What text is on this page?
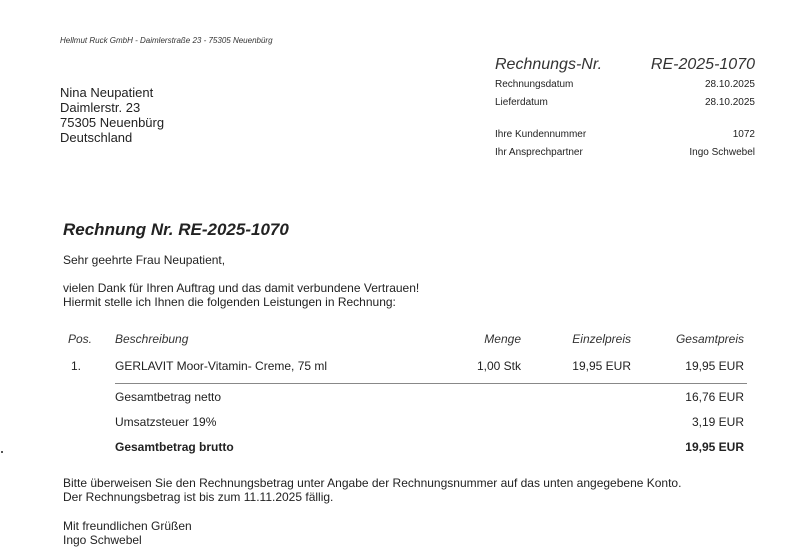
Hellmut Ruck GmbH - Daimlerstraße 23 - 75305 Neuenbürg
Nina Neupatient
Daimlerstr. 23
75305 Neuenbürg
Deutschland
Rechnungs-Nr.	RE-2025-1070
Rechnungsdatum	28.10.2025
Lieferdatum	28.10.2025
Ihre Kundennummer	1072
Ihr Ansprechpartner	Ingo Schwebel
Rechnung Nr. RE-2025-1070
Sehr geehrte Frau Neupatient,
vielen Dank für Ihren Auftrag und das damit verbundene Vertrauen!
Hiermit stelle ich Ihnen die folgenden Leistungen in Rechnung:
Pos.	Beschreibung	Menge	Einzelpreis	Gesamtpreis
1.	GERLAVIT Moor-Vitamin- Creme, 75 ml	1,00 Stk	19,95 EUR	19,95 EUR
	Gesamtbetrag netto			16,76 EUR
	Umsatzsteuer 19%			3,19 EUR
	Gesamtbetrag brutto			19,95 EUR
Bitte überweisen Sie den Rechnungsbetrag unter Angabe der Rechnungsnummer auf das unten angegebene Konto.
Der Rechnungsbetrag ist bis zum 11.11.2025 fällig.
Mit freundlichen Grüßen
Ingo Schwebel
